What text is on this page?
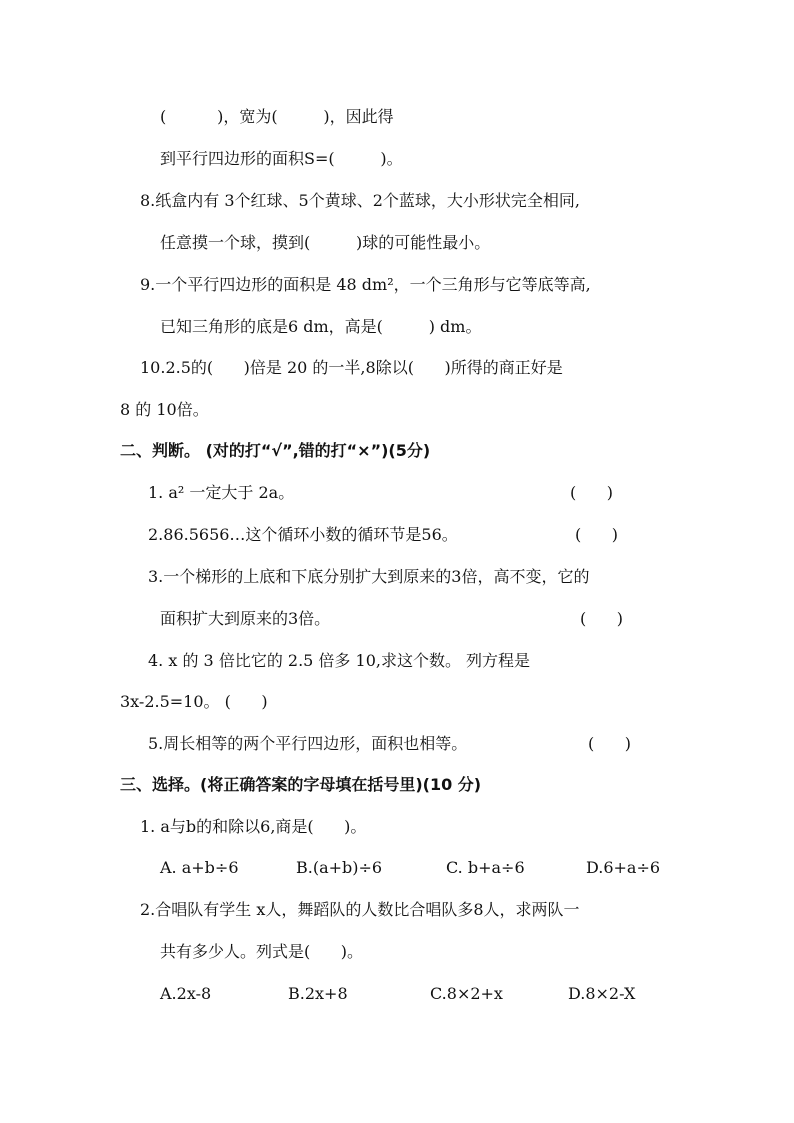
(          )，宽为(         )，因此得
到平行四边形的面积S=(         )。
8.纸盒内有 3个红球、5个黄球、2个蓝球，大小形状完全相同,
任意摸一个球，摸到(         )球的可能性最小。
9.一个平行四边形的面积是 48 dm²，一个三角形与它等底等高,
已知三角形的底是6 dm，高是(         ) dm。
10.2.5的(      )倍是 20 的一半,8除以(      )所得的商正好是
8 的 10倍。
二、判断。 (对的打“√”,错的打“×”)(5分)
1. a² 一定大于 2a。	(      )
2.86.5656…这个循环小数的循环节是56。	(      )
3.一个梯形的上底和下底分别扩大到原来的3倍，高不变，它的
面积扩大到原来的3倍。	(      )
4. x 的 3 倍比它的 2.5 倍多 10,求这个数。 列方程是
3x-2.5=10。 (      )
5.周长相等的两个平行四边形，面积也相等。	(      )
三、选择。(将正确答案的字母填在括号里)(10 分)
1. a与b的和除以6,商是(      )。
A. a+b÷6	B.(a+b)÷6	C. b+a÷6	D.6+a÷6
2.合唱队有学生 x人，舞蹈队的人数比合唱队多8人，求两队一
共有多少人。列式是(      )。
A.2x-8	B.2x+8	C.8×2+x	D.8×2-X
